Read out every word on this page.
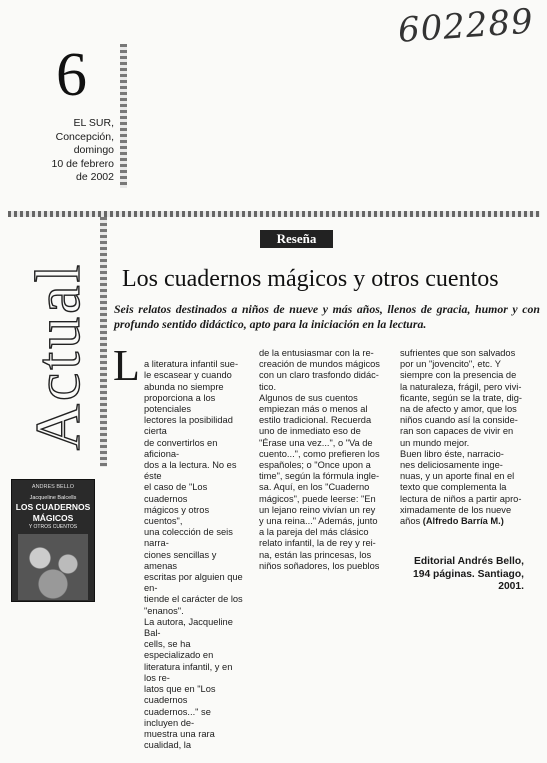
602289
6
EL SUR,
Concepción,
domingo
10 de febrero
de 2002
Actual
Reseña
Los cuadernos mágicos y otros cuentos
Seis relatos destinados a niños de nueve y más años, llenos de gracia, humor y con profundo sentido didáctico, apto para la iniciación en la lectura.
L a literatura infantil sue-
le escasear y cuando
abunda no siempre
proporciona a los potenciales
lectores la posibilidad cierta
de convertirlos en aficiona-
dos a la lectura. No es éste
el caso de "Los cuadernos
mágicos y otros cuentos",
una colección de seis narra-
ciones sencillas y amenas
escritas por alguien que en-
tiende el carácter de los
"enanos".
La autora, Jacqueline Bal-
cells, se ha especializado en
literatura infantil, y en los re-
latos que en "Los cuadernos
cuadernos..." se incluyen de-
muestra una rara cualidad, la

de la entusiasmar con la re-
creación de mundos mágicos
con un claro trasfondo didác-
tico.
Algunos de sus cuentos
empiezan más o menos al
estilo tradicional. Recuerda
uno de inmediato eso de
"Érase una vez...", o "Va de
cuento...", como prefieren los
españoles; o "Once upon a
time", según la fórmula ingle-
sa. Aquí, en los "Cuaderno
mágicos", puede leerse: "En
un lejano reino vivían un rey
y una reina..." Además, junto
a la pareja del más clásico
relato infantil, la de rey y rei-
na, están las princesas, los
niños soñadores, los pueblos
sufrientes que son salvados
por un "jovencito", etc. Y
siempre con la presencia de
la naturaleza, frágil, pero vivi-
ficante, según se la trate, dig-
na de afecto y amor, que los
niños cuando así la conside-
ran son capaces de vivir en
un mundo mejor.
Buen libro éste, narracio-
nes deliciosamente inge-
nuas, y un aporte final en el
texto que complementa la
lectura de niños a partir apro-
ximadamente de los nueve
años (Alfredo Barría M.)
Editorial Andrés Bello,
194 páginas. Santiago,
2001.
ANDRES BELLO
Jacqueline Balcells
LOS CUADERNOS
MÁGICOS
Y OTROS CUENTOS
